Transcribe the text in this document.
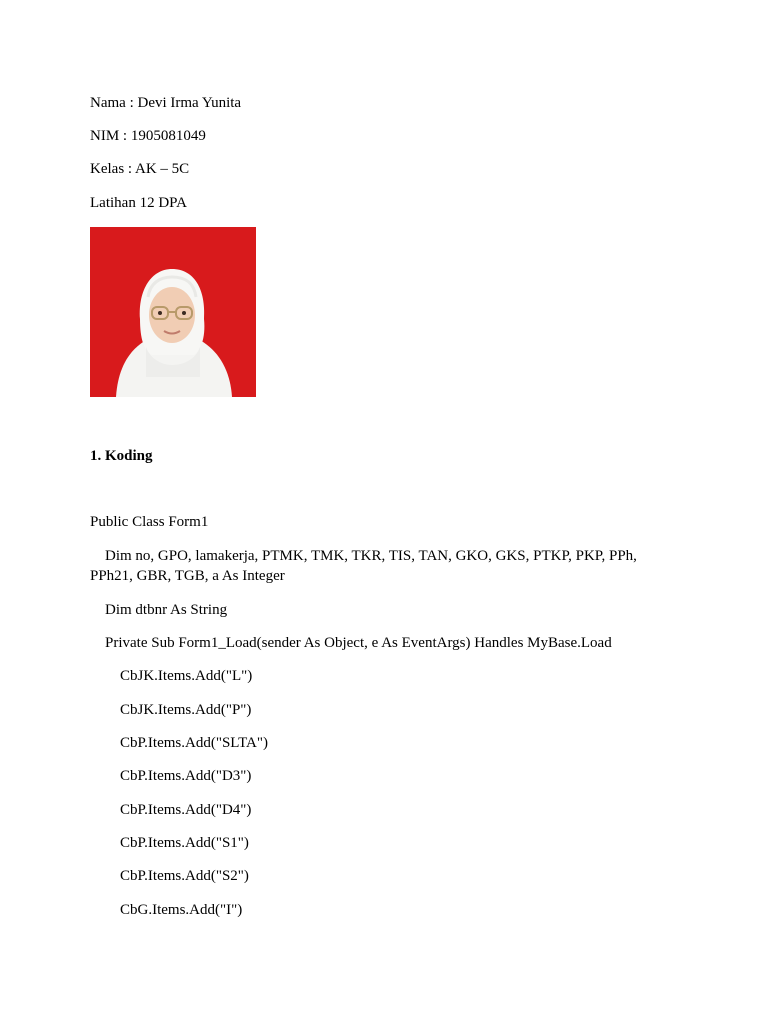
Nama : Devi Irma Yunita
NIM : 1905081049
Kelas : AK – 5C
Latihan 12 DPA
1. Koding
Public Class Form1
Dim no, GPO, lamakerja, PTMK, TMK, TKR, TIS, TAN, GKO, GKS, PTKP, PKP, PPh, PPh21, GBR, TGB, a As Integer
Dim dtbnr As String
Private Sub Form1_Load(sender As Object, e As EventArgs) Handles MyBase.Load
CbJK.Items.Add("L")
CbJK.Items.Add("P")
CbP.Items.Add("SLTA")
CbP.Items.Add("D3")
CbP.Items.Add("D4")
CbP.Items.Add("S1")
CbP.Items.Add("S2")
CbG.Items.Add("I")
